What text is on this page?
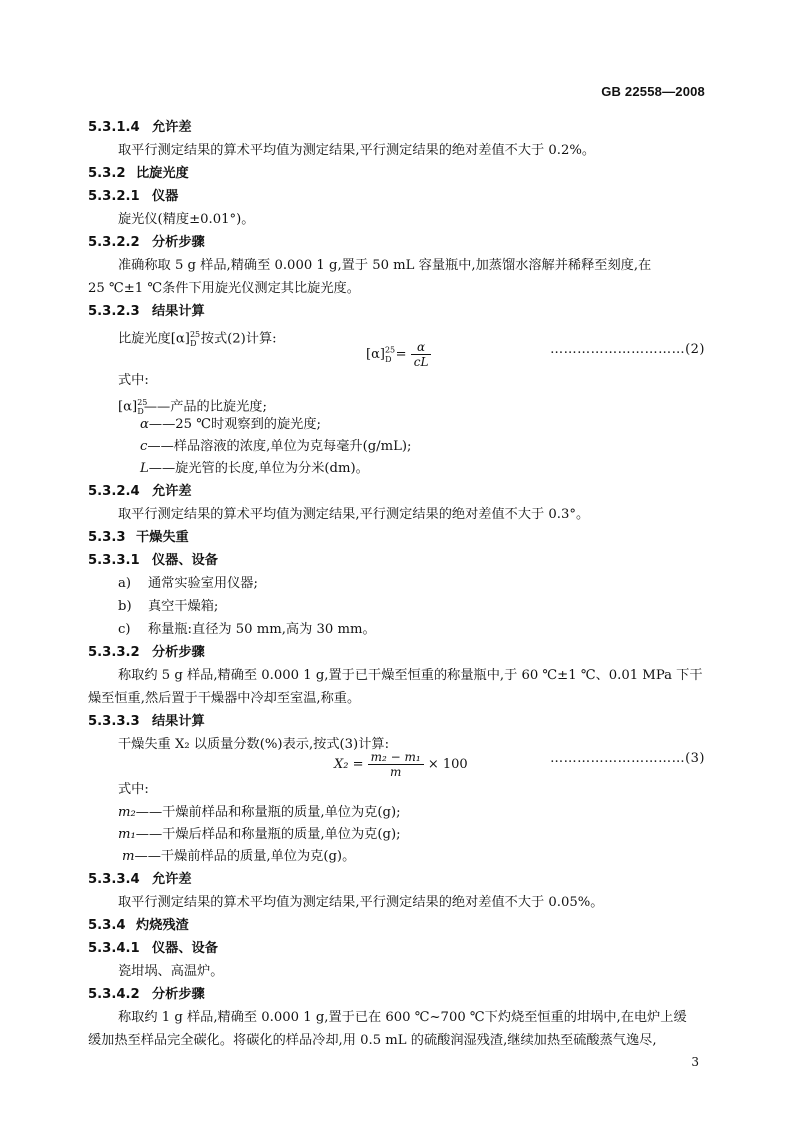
GB 22558—2008
5.3.1.4 允许差
取平行测定结果的算术平均值为测定结果,平行测定结果的绝对差值不大于 0.2%。
5.3.2 比旋光度
5.3.2.1 仪器
旋光仪(精度±0.01°)。
5.3.2.2 分析步骤
准确称取 5 g 样品,精确至 0.000 1 g,置于 50 mL 容量瓶中,加蒸馏水溶解并稀释至刻度,在
25 ℃±1 ℃条件下用旋光仪测定其比旋光度。
5.3.2.3 结果计算
比旋光度$[\alpha]^{25}_D$ 按式(2)计算:
$[\alpha]^{25}_D = \frac{\alpha}{cL}$	…………………………(2)
式中:
$[\alpha]^{25}_D——$产品的比旋光度;
α——25 ℃时观察到的旋光度;
c——样品溶液的浓度,单位为克每毫升(g/mL);
L——旋光管的长度,单位为分米(dm)。
5.3.2.4 允许差
取平行测定结果的算术平均值为测定结果,平行测定结果的绝对差值不大于 0.3°。
5.3.3 干燥失重
5.3.3.1 仪器、设备
a) 通常实验室用仪器;
b) 真空干燥箱;
c) 称量瓶:直径为 50 mm,高为 30 mm。
5.3.3.2 分析步骤
称取约 5 g 样品,精确至 0.000 1 g,置于已干燥至恒重的称量瓶中,于 60 ℃±1 ℃、0.01 MPa 下干
燥至恒重,然后置于干燥器中冷却至室温,称重。
5.3.3.3 结果计算
干燥失重 X₂ 以质量分数(%)表示,按式(3)计算:
$X_2 = \frac{\text{m₂ − m₁}}{m} \times 100$	…………………………(3)
式中:
m₂——干燥前样品和称量瓶的质量,单位为克(g);
m₁——干燥后样品和称量瓶的质量,单位为克(g);
m——干燥前样品的质量,单位为克(g)。
5.3.3.4 允许差
取平行测定结果的算术平均值为测定结果,平行测定结果的绝对差值不大于 0.05%。
5.3.4 灼烧残渣
5.3.4.1 仪器、设备
瓷坩埚、高温炉。
5.3.4.2 分析步骤
称取约 1 g 样品,精确至 0.000 1 g,置于已在 600 ℃~700 ℃下灼烧至恒重的坩埚中,在电炉上缓
缓加热至样品完全碳化。将碳化的样品冷却,用 0.5 mL 的硫酸润湿残渣,继续加热至硫酸蒸气逸尽,
3
